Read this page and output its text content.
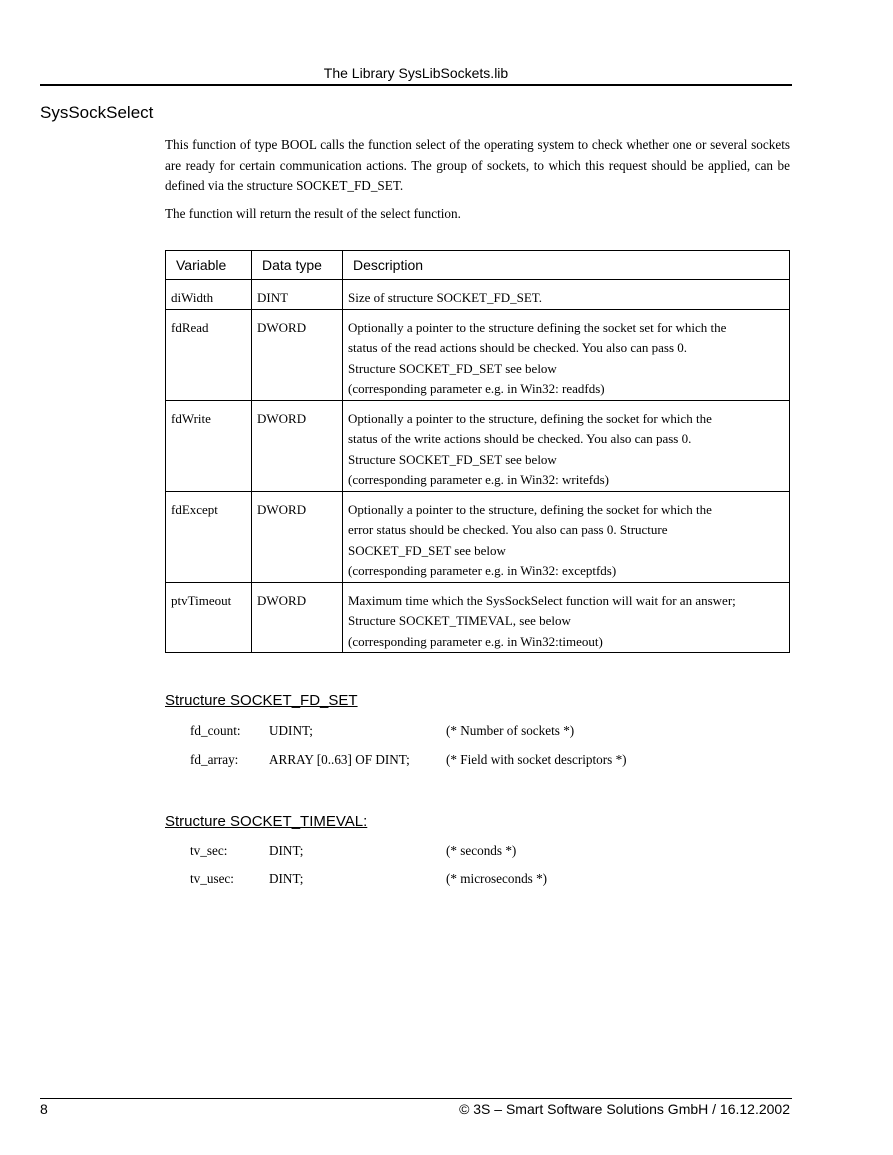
The Library SysLibSockets.lib
SysSockSelect

This function of type BOOL calls the function select of the operating system to check whether one or several sockets are ready for certain communication actions. The group of sockets, to which this request should be applied, can be defined via the structure SOCKET_FD_SET.

The function will return the result of the select function.

Variable	Data type	Description
diWidth	DINT	Size of structure SOCKET_FD_SET.

fdRead	DWORD	Optionally a pointer to the structure defining the socket set for which the
status of the read actions should be checked. You also can pass 0.
Structure SOCKET_FD_SET see below
(corresponding parameter e.g. in Win32: readfds)

fdWrite	DWORD	Optionally a pointer to the structure, defining the socket for which the
status of the write actions should be checked. You also can pass 0.
Structure SOCKET_FD_SET see below
(corresponding parameter e.g. in Win32: writefds)

fdExcept	DWORD	Optionally a pointer to the structure, defining the socket for which the
error status should be checked. You also can pass 0. Structure
SOCKET_FD_SET see below
(corresponding parameter e.g. in Win32: exceptfds)

ptvTimeout	DWORD	Maximum time which the SysSockSelect function will wait for an answer;
Structure SOCKET_TIMEVAL, see below
(corresponding parameter e.g. in Win32:timeout)
Structure SOCKET_FD_SET
fd_count: UDINT;	(* Number of sockets *)
fd_array: ARRAY [0..63] OF DINT;	(* Field with socket descriptors *)
Structure SOCKET_TIMEVAL:
tv_sec:	DINT;	(* seconds *)
tv_usec:	DINT;	(* microseconds *)
8	© 3S – Smart Software Solutions GmbH / 16.12.2002
